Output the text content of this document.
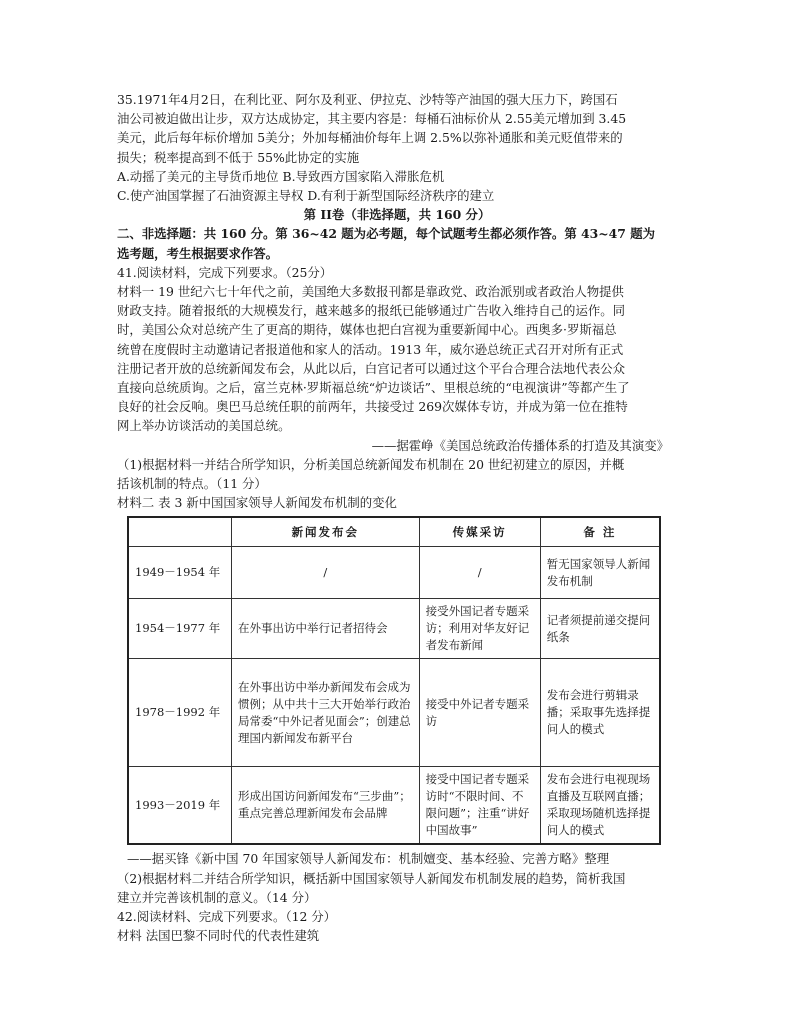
35.1971年4月2日，在利比亚、阿尔及利亚、伊拉克、沙特等产油国的强大压力下，跨国石

油公司被迫做出让步，双方达成协定，其主要内容是：每桶石油标价从 2.55美元增加到 3.45

美元，此后每年标价增加 5美分；外加每桶油价每年上调 2.5%以弥补通胀和美元贬值带来的

损失；税率提高到不低于 55%此协定的实施

A.动摇了美元的主导货币地位 B.导致西方国家陷入滞胀危机

C.使产油国掌握了石油资源主导权 D.有利于新型国际经济秩序的建立

第 II卷（非选择题，共 160 分）

二、非选择题：共 160 分。第 36~42 题为必考题，每个试题考生都必须作答。第 43~47 题为

选考题，考生根据要求作答。

41.阅读材料，完成下列要求。（25分）

材料一 19 世纪六七十年代之前，美国绝大多数报刊都是靠政党、政治派别或者政治人物提供

财政支持。随着报纸的大规模发行，越来越多的报纸已能够通过广告收入维持自己的运作。同

时，美国公众对总统产生了更高的期待，媒体也把白宫视为重要新闻中心。西奥多·罗斯福总

统曾在度假时主动邀请记者报道他和家人的活动。1913 年，威尔逊总统正式召开对所有正式

注册记者开放的总统新闻发布会，从此以后，白宫记者可以通过这个平台合理合法地代表公众

直接向总统质询。之后，富兰克林·罗斯福总统“炉边谈话”、里根总统的“电视演讲”等都产生了

良好的社会反响。奥巴马总统任职的前两年，共接受过 269次媒体专访，并成为第一位在推特

网上举办访谈活动的美国总统。

——据霍峥《美国总统政治传播体系的打造及其演变》

（1)根据材料一并结合所学知识，分析美国总统新闻发布机制在 20 世纪初建立的原因，并概

括该机制的特点。（11 分）

材料二 表 3 新中国国家领导人新闻发布机制的变化

	新闻发布会	传媒采访	备 注
1949－1954 年	/	/	暂无国家领导人新闻发布机制
1954－1977 年	在外事出访中举行记者招待会	接受外国记者专题采访；利用对华友好记者发布新闻	记者须提前递交提问纸条
1978－1992 年	在外事出访中举办新闻发布会成为惯例；从中共十三大开始举行政治局常委“中外记者见面会”；创建总理国内新闻发布新平台	接受中外记者专题采访	发布会进行剪辑录播；采取事先选择提问人的模式
1993－2019 年	形成出国访问新闻发布“三步曲”；重点完善总理新闻发布会品牌	接受中国记者专题采访时“不限时间、不限问题”；注重“讲好中国故事”	发布会进行电视现场直播及互联网直播；采取现场随机选择提问人的模式

——据买锋《新中国 70 年国家领导人新闻发布：机制嬗变、基本经验、完善方略》整理

（2)根据材料二并结合所学知识，概括新中国国家领导人新闻发布机制发展的趋势，简析我国

建立并完善该机制的意义。（14 分）

42.阅读材料、完成下列要求。（12 分）

材料 法国巴黎不同时代的代表性建筑
